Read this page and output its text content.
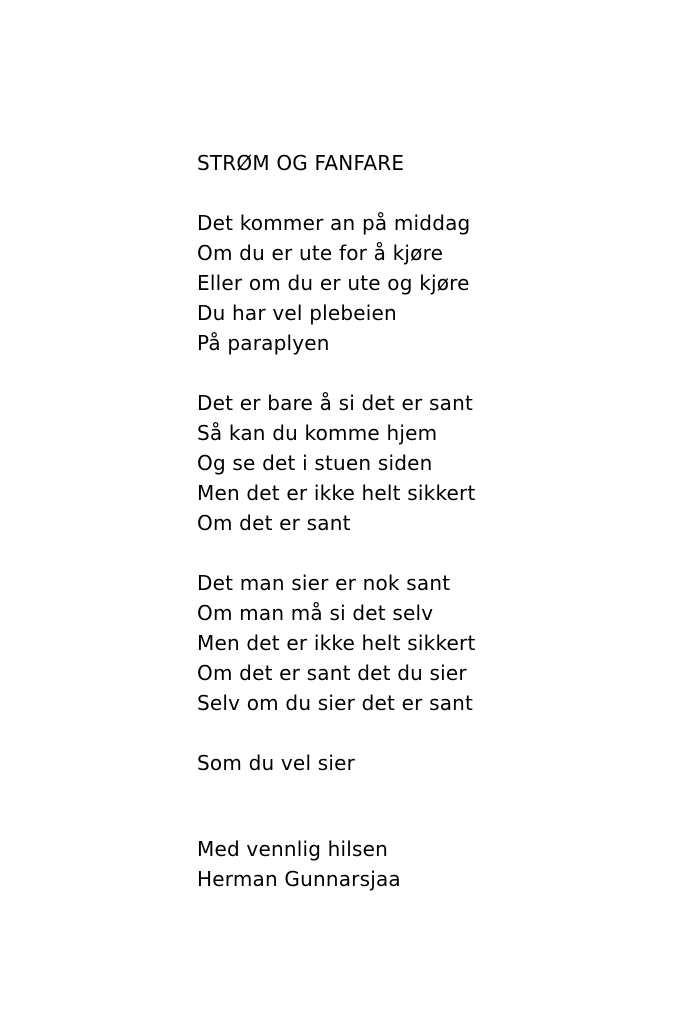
STRØM OG FANFARE
Det kommer an på middag
Om du er ute for å kjøre
Eller om du er ute og kjøre
Du har vel plebeien
På paraplyen
Det er bare å si det er sant
Så kan du komme hjem
Og se det i stuen siden
Men det er ikke helt sikkert
Om det er sant
Det man sier er nok sant
Om man må si det selv
Men det er ikke helt sikkert
Om det er sant det du sier
Selv om du sier det er sant
Som du vel sier
Med vennlig hilsen
Herman Gunnarsjaa
